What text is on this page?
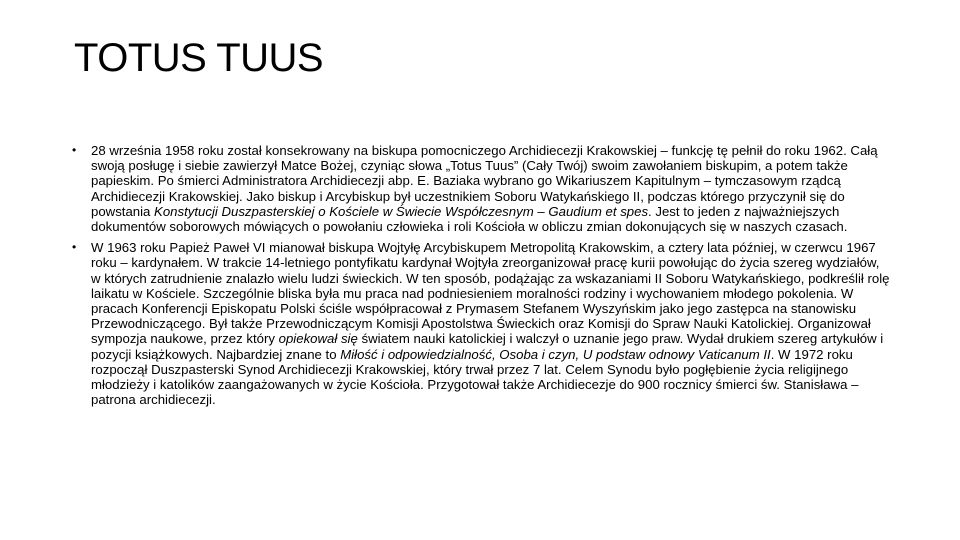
TOTUS TUUS
•	28 września 1958 roku został konsekrowany na biskupa pomocniczego Archidiecezji Krakowskiej – funkcję tę pełnił do roku 1962. Całą swoją posługę i siebie zawierzył Matce Bożej, czyniąc słowa „Totus Tuus” (Cały Twój) swoim zawołaniem biskupim, a potem także papieskim. Po śmierci Administratora Archidiecezji abp. E. Baziaka wybrano go Wikariuszem Kapitulnym – tymczasowym rządcą Archidiecezji Krakowskiej. Jako biskup i Arcybiskup był uczestnikiem Soboru Watykańskiego II, podczas którego przyczynił się do powstania Konstytucji Duszpasterskiej o Kościele w Świecie Współczesnym – Gaudium et spes. Jest to jeden z najważniejszych dokumentów soborowych mówiących o powołaniu człowieka i roli Kościoła w obliczu zmian dokonujących się w naszych czasach.
•	W 1963 roku Papież Paweł VI mianował biskupa Wojtyłę Arcybiskupem Metropolitą Krakowskim, a cztery lata później, w czerwcu 1967 roku – kardynałem. W trakcie 14-letniego pontyfikatu kardynał Wojtyła zreorganizował pracę kurii powołując do życia szereg wydziałów, w których zatrudnienie znalazło wielu ludzi świeckich. W ten sposób, podążając za wskazaniami II Soboru Watykańskiego, podkreślił rolę laikatu w Kościele. Szczególnie bliska była mu praca nad podniesieniem moralności rodziny i wychowaniem młodego pokolenia. W pracach Konferencji Episkopatu Polski ściśle współpracował z Prymasem Stefanem Wyszyńskim jako jego zastępca na stanowisku Przewodniczącego. Był także Przewodniczącym Komisji Apostolstwa Świeckich oraz Komisji do Spraw Nauki Katolickiej. Organizował sympozja naukowe, przez który opiekował się światem nauki katolickiej i walczył o uznanie jego praw. Wydał drukiem szereg artykułów i pozycji książkowych. Najbardziej znane to Miłość i odpowiedzialność, Osoba i czyn, U podstaw odnowy Vaticanum II. W 1972 roku rozpoczął Duszpasterski Synod Archidiecezji Krakowskiej, który trwał przez 7 lat. Celem Synodu było pogłębienie życia religijnego młodzieży i katolików zaangażowanych w życie Kościoła. Przygotował także Archidiecezje do 900 rocznicy śmierci św. Stanisława – patrona archidiecezji.
